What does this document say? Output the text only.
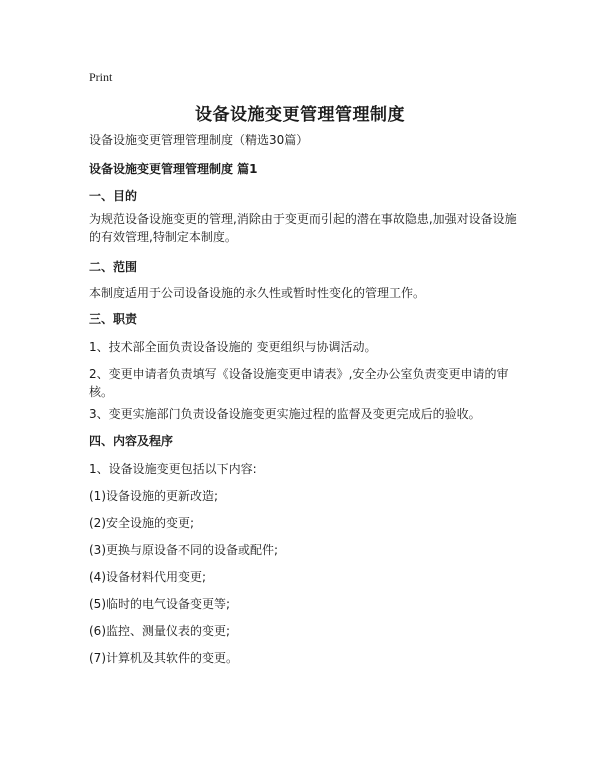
Print
设备设施变更管理管理制度
设备设施变更管理管理制度（精选30篇）
设备设施变更管理管理制度 篇1
一、目的
为规范设备设施变更的管理,消除由于变更而引起的潜在事故隐患,加强对设备设施的有效管理,特制定本制度。
二、范围
本制度适用于公司设备设施的永久性或暂时性变化的管理工作。
三、职责
1、技术部全面负责设备设施的 变更组织与协调活动。
2、变更申请者负责填写《设备设施变更申请表》,安全办公室负责变更申请的审核。
3、变更实施部门负责设备设施变更实施过程的监督及变更完成后的验收。
四、内容及程序
1、设备设施变更包括以下内容:
(1)设备设施的更新改造;
(2)安全设施的变更;
(3)更换与原设备不同的设备或配件;
(4)设备材料代用变更;
(5)临时的电气设备变更等;
(6)监控、测量仪表的变更;
(7)计算机及其软件的变更。
